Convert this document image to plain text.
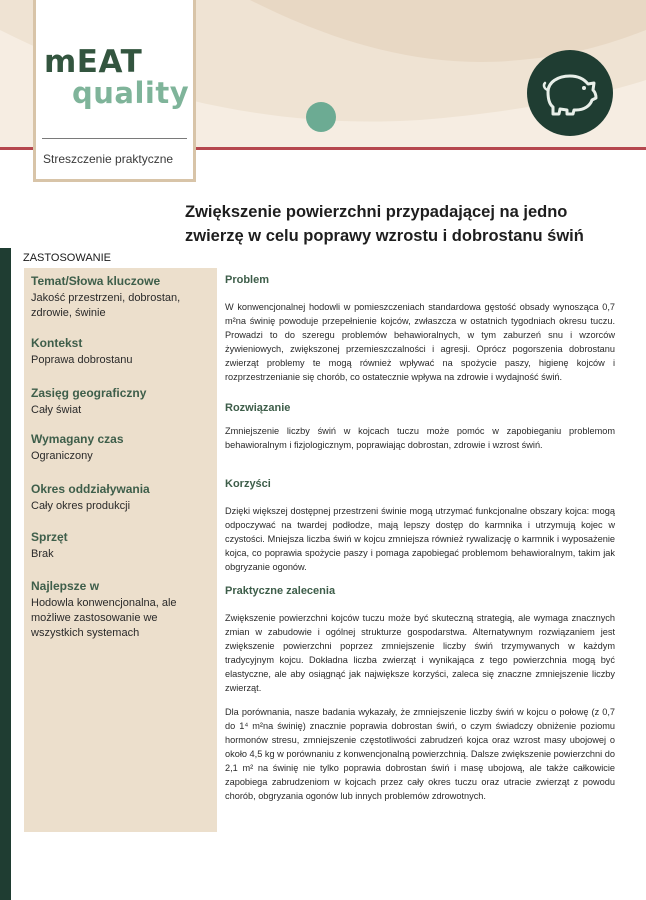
mEAT
quality
Streszczenie praktyczne
Zwiększenie powierzchni przypadającej na jedno zwierzę w celu poprawy wzrostu i dobrostanu świń
ZASTOSOWANIE
Temat/Słowa kluczowe
Jakość przestrzeni, dobrostan, zdrowie, świnie
Kontekst
Poprawa dobrostanu
Zasięg geograficzny
Cały świat
Wymagany czas
Ograniczony
Okres oddziaływania
Cały okres produkcji
Sprzęt
Brak
Najlepsze w
Hodowla konwencjonalna, ale możliwe zastosowanie we wszystkich systemach
Problem

W konwencjonalnej hodowli w pomieszczeniach standardowa gęstość obsady wynosząca 0,7 m²na świnię powoduje przepełnienie kojców, zwłaszcza w ostatnich tygodniach okresu tuczu. Prowadzi to do szeregu problemów behawioralnych, w tym zaburzeń snu i wzorców żywieniowych, zwiększonej przemieszczalności i agresji. Oprócz pogorszenia dobrostanu zwierząt problemy te mogą również wpływać na spożycie paszy, higienę kojców i rozprzestrzenianie się chorób, co ostatecznie wpływa na zdrowie i wydajność świń.

Rozwiązanie

Zmniejszenie liczby świń w kojcach tuczu może pomóc w zapobieganiu problemom behawioralnym i fizjologicznym, poprawiając dobrostan, zdrowie i wzrost świń.

Korzyści

Dzięki większej dostępnej przestrzeni świnie mogą utrzymać funkcjonalne obszary kojca: mogą odpoczywać na twardej podłodze, mają lepszy dostęp do karmnika i utrzymują kojec w czystości. Mniejsza liczba świń w kojcu zmniejsza również rywalizację o karmnik i wyposażenie kojca, co poprawia spożycie paszy i pomaga zapobiegać problemom behawioralnym, takim jak obgryzanie ogonów.

Praktyczne zalecenia

Zwiększenie powierzchni kojców tuczu może być skuteczną strategią, ale wymaga znacznych zmian w zabudowie i ogólnej strukturze gospodarstwa. Alternatywnym rozwiązaniem jest zwiększenie powierzchni poprzez zmniejszenie liczby świń trzymywanych w każdym tradycyjnym kojcu. Dokładna liczba zwierząt i wynikająca z tego powierzchnia mogą być elastyczne, ale aby osiągnąć jak największe korzyści, zaleca się znaczne zmniejszenie liczby zwierząt.

Dla porównania, nasze badania wykazały, że zmniejszenie liczby świń w kojcu o połowę (z 0,7 do 1⁴ m²na świnię) znacznie poprawia dobrostan świń, o czym świadczy obniżenie poziomu hormonów stresu, zmniejszenie częstotliwości zabrudzeń kojca oraz wzrost masy ubojowej o około 4,5 kg w porównaniu z konwencjonalną powierzchnią. Dalsze zwiększenie powierzchni do 2,1 m² na świnię nie tylko poprawia dobrostan świń i masę ubojową, ale także całkowicie zapobiega zabrudzeniom w kojcach przez cały okres tuczu oraz utracie zwierząt z powodu chorób, obgryzania ogonów lub innych problemów zdrowotnych.
